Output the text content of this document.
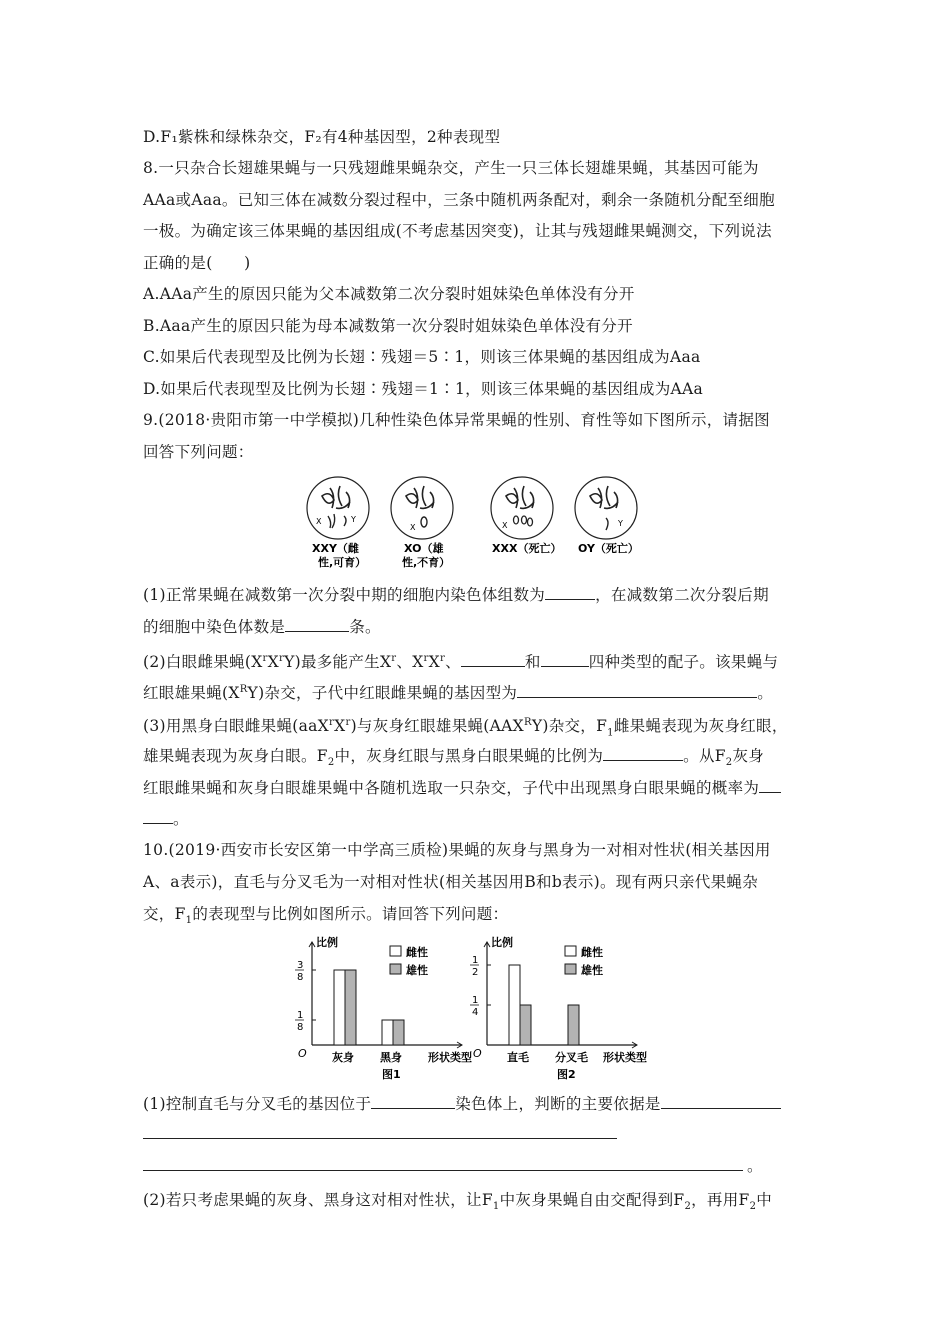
D.F₁紫株和绿株杂交，F₂有4种基因型，2种表现型
8.一只杂合长翅雄果蝇与一只残翅雌果蝇杂交，产生一只三体长翅雄果蝇，其基因可能为
AAa或Aaa。已知三体在减数分裂过程中，三条中随机两条配对，剩余一条随机分配至细胞
一极。为确定该三体果蝇的基因组成(不考虑基因突变)，让其与残翅雌果蝇测交，下列说法
正确的是(　　)
A.AAa产生的原因只能为父本减数第二次分裂时姐妹染色单体没有分开
B.Aaa产生的原因只能为母本减数第一次分裂时姐妹染色单体没有分开
C.如果后代表现型及比例为长翅∶残翅＝5∶1，则该三体果蝇的基因组成为Aaa
D.如果后代表现型及比例为长翅∶残翅＝1∶1，则该三体果蝇的基因组成为AAa
9.(2018·贵阳市第一中学模拟)几种性染色体异常果蝇的性别、育性等如下图所示，请据图
回答下列问题：
X	Y
XXY（雌
性,可育）
X
XO（雄
性,不育）
X
XXX（死亡）
Y
OY（死亡）
(1)正常果蝇在减数第一次分裂中期的细胞内染色体组数为	，在减数第二次分裂后期
的细胞中染色体数是	条。
(2)白眼雌果蝇$(X^rX^rY)$最多能产生$X^r$、$X^rX^r$、	和	四种类型的配子。该果蝇与
红眼雄果蝇$(X^RY)$杂交，子代中红眼雌果蝇的基因型为	。
(3)用黑身白眼雌果蝇$(aaX^rX^r)$与灰身红眼雄果蝇$(AAX^RY)$杂交，$F_1$雌果蝇表现为灰身红眼，
雄果蝇表现为灰身白眼。$F_2$中，灰身红眼与黑身白眼果蝇的比例为	。从$F_2$灰身
红眼雌果蝇和灰身白眼雄果蝇中各随机选取一只杂交，子代中出现黑身白眼果蝇的概率为
。
10.(2019·西安市长安区第一中学高三质检)果蝇的灰身与黑身为一对相对性状(相关基因用
A、a表示)，直毛与分叉毛为一对相对性状(相关基因用B和b表示)。现有两只亲代果蝇杂
交，$F_1$的表现型与比例如图所示。请回答下列问题：
比例
O
3
8
1
8
灰身 黑身 形状类型
图1
雌性
雄性
比例
O
1
2
1
4
直毛 分叉毛 形状类型
图2
雌性
雄性
(1)控制直毛与分叉毛的基因位于	染色体上，判断的主要依据是
。
(2)若只考虑果蝇的灰身、黑身这对相对性状，让$F_1$中灰身果蝇自由交配得到$F_2$，再用$F_2$中
